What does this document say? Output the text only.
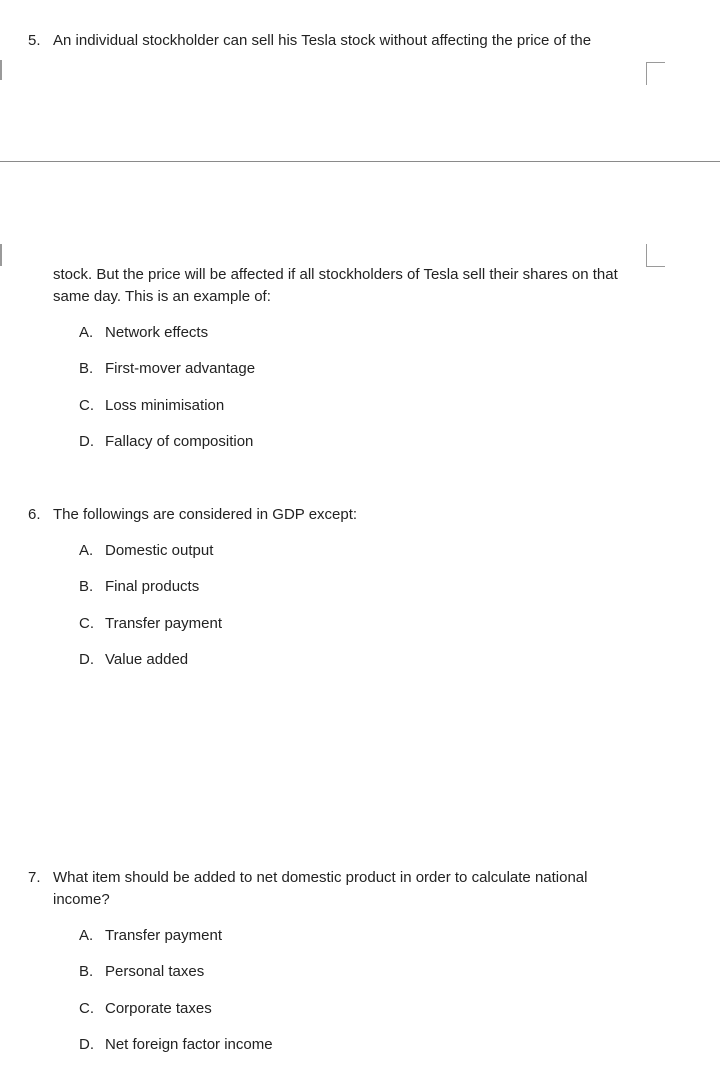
5. An individual stockholder can sell his Tesla stock without affecting the price of the
stock. But the price will be affected if all stockholders of Tesla sell their shares on that same day. This is an example of:
A. Network effects
B. First-mover advantage
C. Loss minimisation
D. Fallacy of composition
6. The followings are considered in GDP except:
A. Domestic output
B. Final products
C. Transfer payment
D. Value added
7. What item should be added to net domestic product in order to calculate national income?
A. Transfer payment
B. Personal taxes
C. Corporate taxes
D. Net foreign factor income
